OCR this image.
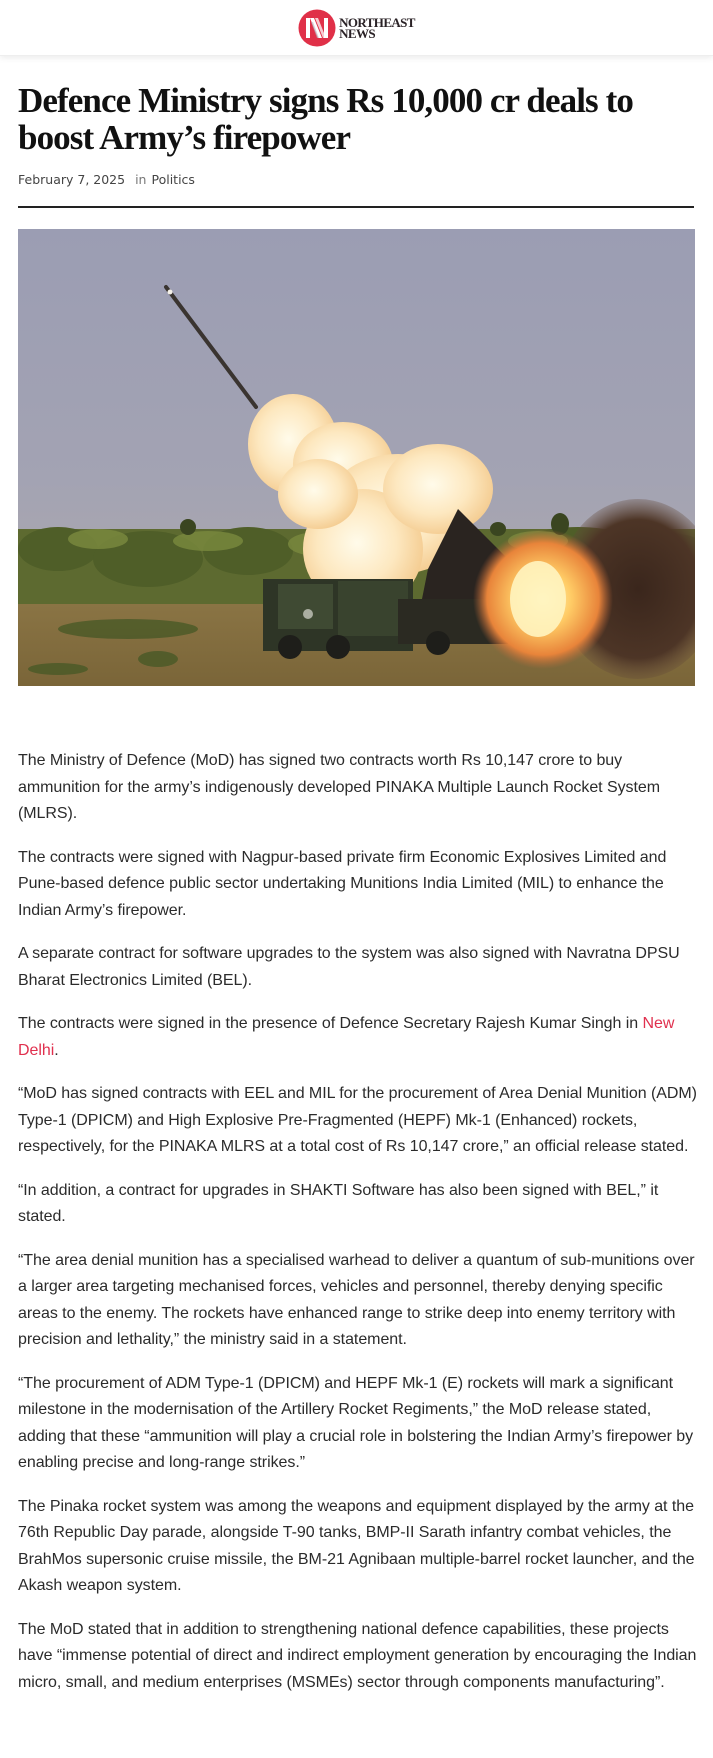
NORTHEAST
NEWS
Defence Ministry signs Rs 10,000 cr deals to boost Army’s firepower
February 7, 2025 in Politics

The Ministry of Defence (MoD) has signed two contracts worth Rs 10,147 crore to buy ammunition for the army’s indigenously developed PINAKA Multiple Launch Rocket System (MLRS).

The contracts were signed with Nagpur-based private firm Economic Explosives Limited and Pune-based defence public sector undertaking Munitions India Limited (MIL) to enhance the Indian Army’s firepower.

A separate contract for software upgrades to the system was also signed with Navratna DPSU Bharat Electronics Limited (BEL).

The contracts were signed in the presence of Defence Secretary Rajesh Kumar Singh in New Delhi.

“MoD has signed contracts with EEL and MIL for the procurement of Area Denial Munition (ADM) Type-1 (DPICM) and High Explosive Pre-Fragmented (HEPF) Mk-1 (Enhanced) rockets, respectively, for the PINAKA MLRS at a total cost of Rs 10,147 crore,” an official release stated.

“In addition, a contract for upgrades in SHAKTI Software has also been signed with BEL,” it stated.

“The area denial munition has a specialised warhead to deliver a quantum of sub-munitions over a larger area targeting mechanised forces, vehicles and personnel, thereby denying specific areas to the enemy. The rockets have enhanced range to strike deep into enemy territory with precision and lethality,” the ministry said in a statement.

“The procurement of ADM Type-1 (DPICM) and HEPF Mk-1 (E) rockets will mark a significant milestone in the modernisation of the Artillery Rocket Regiments,” the MoD release stated, adding that these “ammunition will play a crucial role in bolstering the Indian Army’s firepower by enabling precise and long-range strikes.”

The Pinaka rocket system was among the weapons and equipment displayed by the army at the 76th Republic Day parade, alongside T-90 tanks, BMP-II Sarath infantry combat vehicles, the BrahMos supersonic cruise missile, the BM-21 Agnibaan multiple-barrel rocket launcher, and the Akash weapon system.

The MoD stated that in addition to strengthening national defence capabilities, these projects have “immense potential of direct and indirect employment generation by encouraging the Indian micro, small, and medium enterprises (MSMEs) sector through components manufacturing”.
